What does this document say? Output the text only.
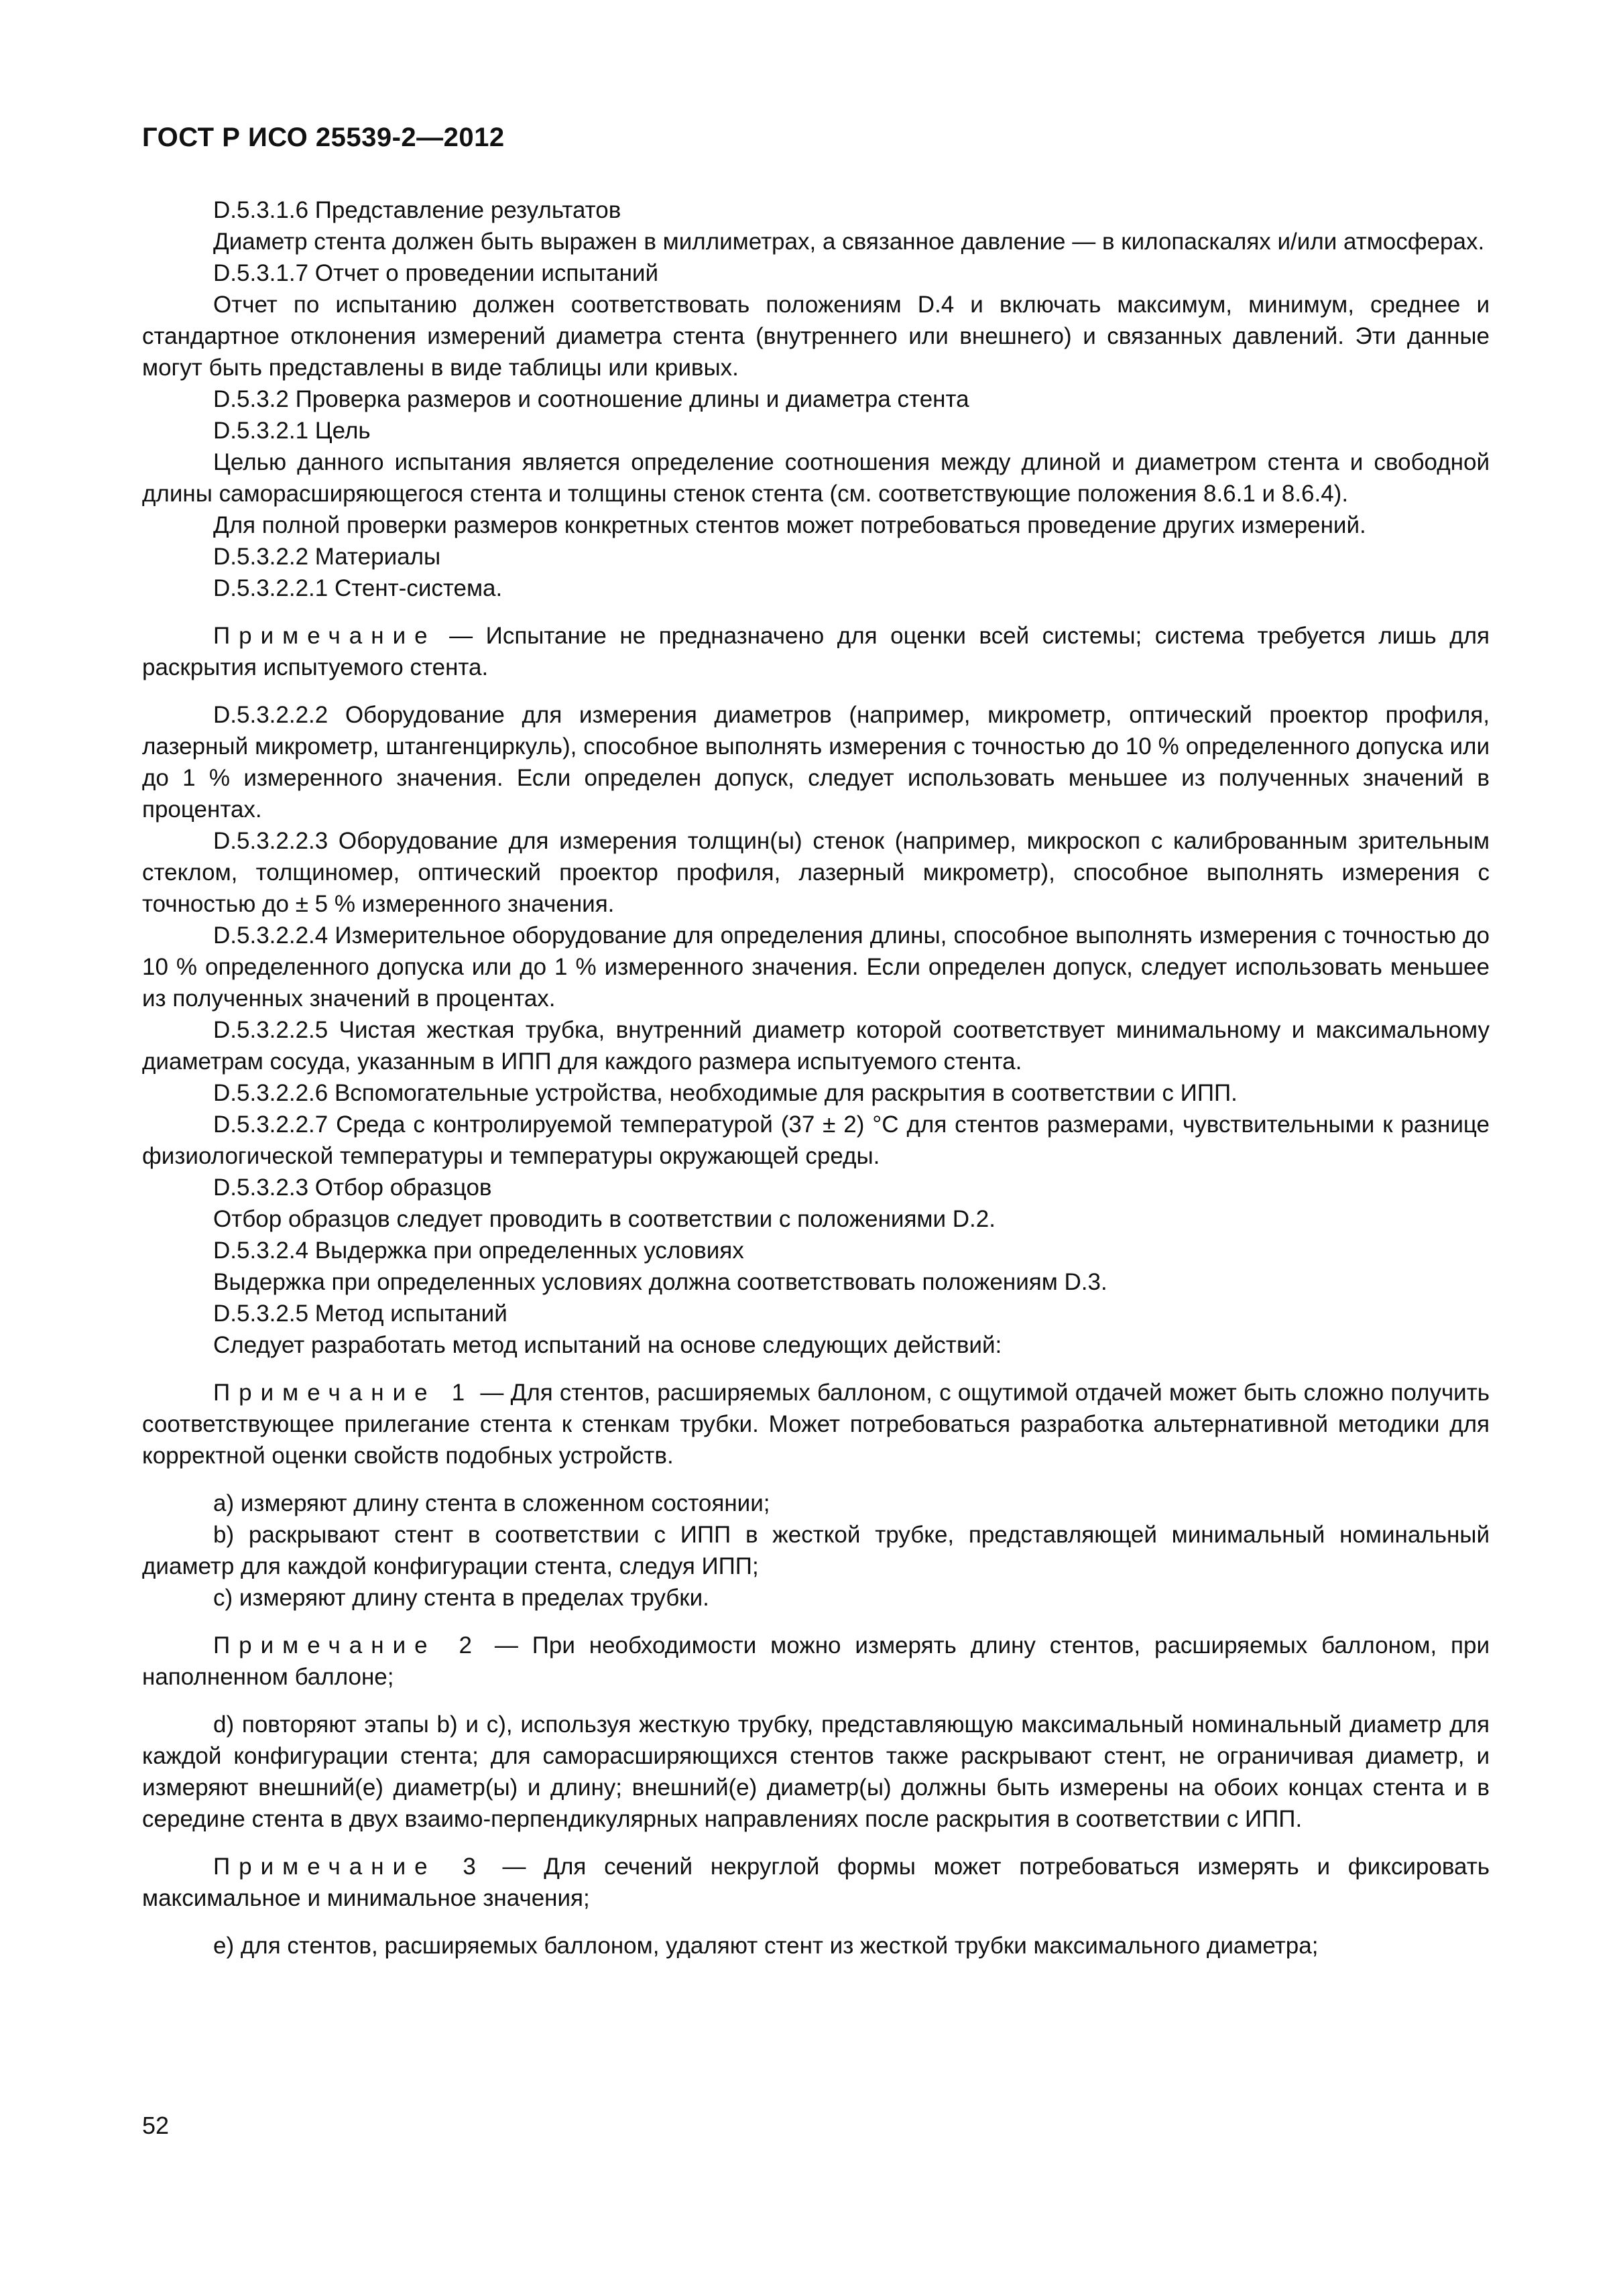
ГОСТ Р ИСО 25539-2—2012

D.5.3.1.6 Представление результатов

Диаметр стента должен быть выражен в миллиметрах, а связанное давление — в килопаскалях и/или атмосферах.

D.5.3.1.7 Отчет о проведении испытаний

Отчет по испытанию должен соответствовать положениям D.4 и включать максимум, минимум, среднее и стандартное отклонения измерений диаметра стента (внутреннего или внешнего) и связанных давлений. Эти данные могут быть представлены в виде таблицы или кривых.

D.5.3.2 Проверка размеров и соотношение длины и диаметра стента

D.5.3.2.1 Цель

Целью данного испытания является определение соотношения между длиной и диаметром стента и свободной длины саморасширяющегося стента и толщины стенок стента (см. соответствующие положения 8.6.1 и 8.6.4).

Для полной проверки размеров конкретных стентов может потребоваться проведение других измерений.

D.5.3.2.2 Материалы

D.5.3.2.2.1 Стент-система.

Примечание — Испытание не предназначено для оценки всей системы; система требуется лишь для раскрытия испытуемого стента.

D.5.3.2.2.2 Оборудование для измерения диаметров (например, микрометр, оптический проектор профиля, лазерный микрометр, штангенциркуль), способное выполнять измерения с точностью до 10 % определенного допуска или до 1 % измеренного значения. Если определен допуск, следует использовать меньшее из полученных значений в процентах.

D.5.3.2.2.3 Оборудование для измерения толщин(ы) стенок (например, микроскоп с калиброванным зрительным стеклом, толщиномер, оптический проектор профиля, лазерный микрометр), способное выполнять измерения с точностью до ± 5 % измеренного значения.

D.5.3.2.2.4 Измерительное оборудование для определения длины, способное выполнять измерения с точностью до 10 % определенного допуска или до 1 % измеренного значения. Если определен допуск, следует использовать меньшее из полученных значений в процентах.

D.5.3.2.2.5 Чистая жесткая трубка, внутренний диаметр которой соответствует минимальному и максимальному диаметрам сосуда, указанным в ИПП для каждого размера испытуемого стента.

D.5.3.2.2.6 Вспомогательные устройства, необходимые для раскрытия в соответствии с ИПП.

D.5.3.2.2.7 Среда с контролируемой температурой (37 ± 2) °С для стентов размерами, чувствительными к разнице физиологической температуры и температуры окружающей среды.

D.5.3.2.3 Отбор образцов

Отбор образцов следует проводить в соответствии с положениями D.2.

D.5.3.2.4 Выдержка при определенных условиях

Выдержка при определенных условиях должна соответствовать положениям D.3.

D.5.3.2.5 Метод испытаний

Следует разработать метод испытаний на основе следующих действий:

Примечание 1 — Для стентов, расширяемых баллоном, с ощутимой отдачей может быть сложно получить соответствующее прилегание стента к стенкам трубки. Может потребоваться разработка альтернативной методики для корректной оценки свойств подобных устройств.

а) измеряют длину стента в сложенном состоянии;

b) раскрывают стент в соответствии с ИПП в жесткой трубке, представляющей минимальный номинальный диаметр для каждой конфигурации стента, следуя ИПП;

с) измеряют длину стента в пределах трубки.

Примечание 2 — При необходимости можно измерять длину стентов, расширяемых баллоном, при наполненном баллоне;

d) повторяют этапы b) и с), используя жесткую трубку, представляющую максимальный номинальный диаметр для каждой конфигурации стента; для саморасширяющихся стентов также раскрывают стент, не ограничивая диаметр, и измеряют внешний(е) диаметр(ы) и длину; внешний(е) диаметр(ы) должны быть измерены на обоих концах стента и в середине стента в двух взаимо-перпендикулярных направлениях после раскрытия в соответствии с ИПП.

Примечание 3 — Для сечений некруглой формы может потребоваться измерять и фиксировать максимальное и минимальное значения;

е) для стентов, расширяемых баллоном, удаляют стент из жесткой трубки максимального диаметра;

52
